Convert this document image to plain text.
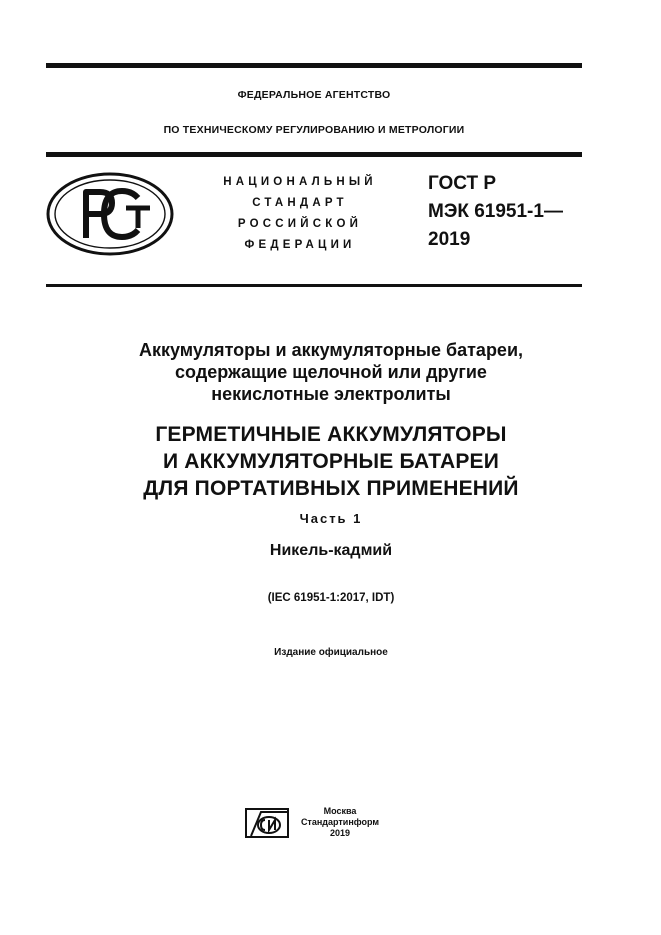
ФЕДЕРАЛЬНОЕ АГЕНТСТВО
ПО ТЕХНИЧЕСКОМУ РЕГУЛИРОВАНИЮ И МЕТРОЛОГИИ
НАЦИОНАЛЬНЫЙ
СТАНДАРТ
РОССИЙСКОЙ
ФЕДЕРАЦИИ
ГОСТ Р
МЭК 61951-1—
2019
Аккумуляторы и аккумуляторные батареи,
содержащие щелочной или другие
некислотные электролиты
ГЕРМЕТИЧНЫЕ АККУМУЛЯТОРЫ
И АККУМУЛЯТОРНЫЕ БАТАРЕИ
ДЛЯ ПОРТАТИВНЫХ ПРИМЕНЕНИЙ
Часть 1
Никель-кадмий
(IEC 61951-1:2017, IDT)
Издание официальное
Москва
Стандартинформ
2019
